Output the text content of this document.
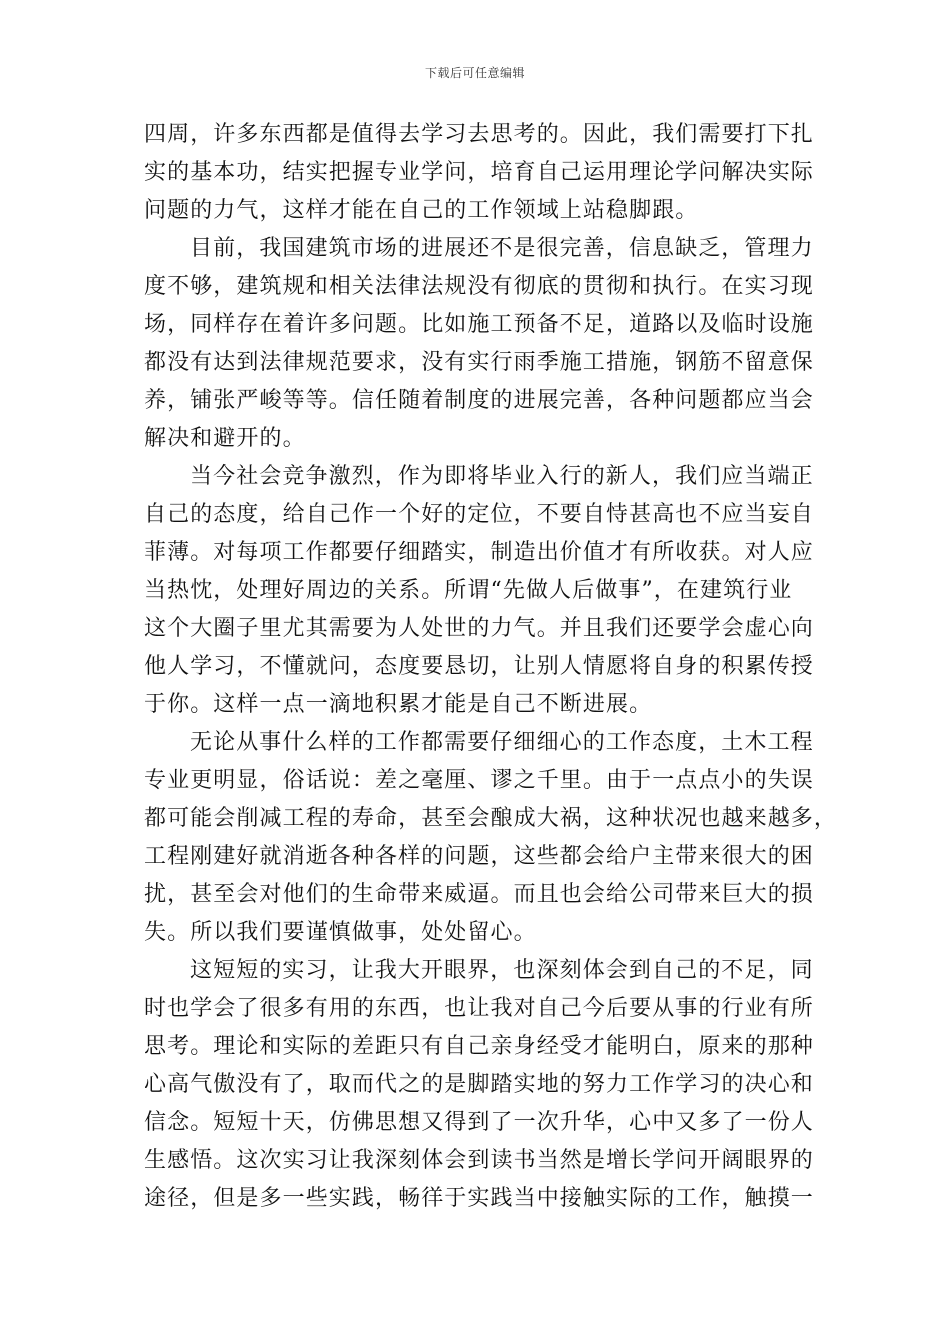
下载后可任意编辑
四周，许多东西都是值得去学习去思考的。因此，我们需要打下扎
实的基本功，结实把握专业学问，培育自己运用理论学问解决实际
问题的力气，这样才能在自己的工作领域上站稳脚跟。
目前，我国建筑市场的进展还不是很完善，信息缺乏，管理力
度不够，建筑规和相关法律法规没有彻底的贯彻和执行。在实习现
场，同样存在着许多问题。比如施工预备不足，道路以及临时设施
都没有达到法律规范要求，没有实行雨季施工措施，钢筋不留意保
养，铺张严峻等等。信任随着制度的进展完善，各种问题都应当会
解决和避开的。
当今社会竞争激烈，作为即将毕业入行的新人，我们应当端正
自己的态度，给自己作一个好的定位，不要自恃甚高也不应当妄自
菲薄。对每项工作都要仔细踏实，制造出价值才有所收获。对人应
当热忱，处理好周边的关系。所谓“先做人后做事”，在建筑行业
这个大圈子里尤其需要为人处世的力气。并且我们还要学会虚心向
他人学习，不懂就问，态度要恳切，让别人情愿将自身的积累传授
于你。这样一点一滴地积累才能是自己不断进展。
无论从事什么样的工作都需要仔细细心的工作态度，土木工程
专业更明显，俗话说：差之毫厘、谬之千里。由于一点点小的失误
都可能会削减工程的寿命，甚至会酿成大祸，这种状况也越来越多，
工程刚建好就消逝各种各样的问题，这些都会给户主带来很大的困
扰，甚至会对他们的生命带来威逼。而且也会给公司带来巨大的损
失。所以我们要谨慎做事，处处留心。
这短短的实习，让我大开眼界，也深刻体会到自己的不足，同
时也学会了很多有用的东西，也让我对自己今后要从事的行业有所
思考。理论和实际的差距只有自己亲身经受才能明白，原来的那种
心高气傲没有了，取而代之的是脚踏实地的努力工作学习的决心和
信念。短短十天，仿佛思想又得到了一次升华，心中又多了一份人
生感悟。这次实习让我深刻体会到读书当然是增长学问开阔眼界的
途径，但是多一些实践，畅徉于实践当中接触实际的工作，触摸一
